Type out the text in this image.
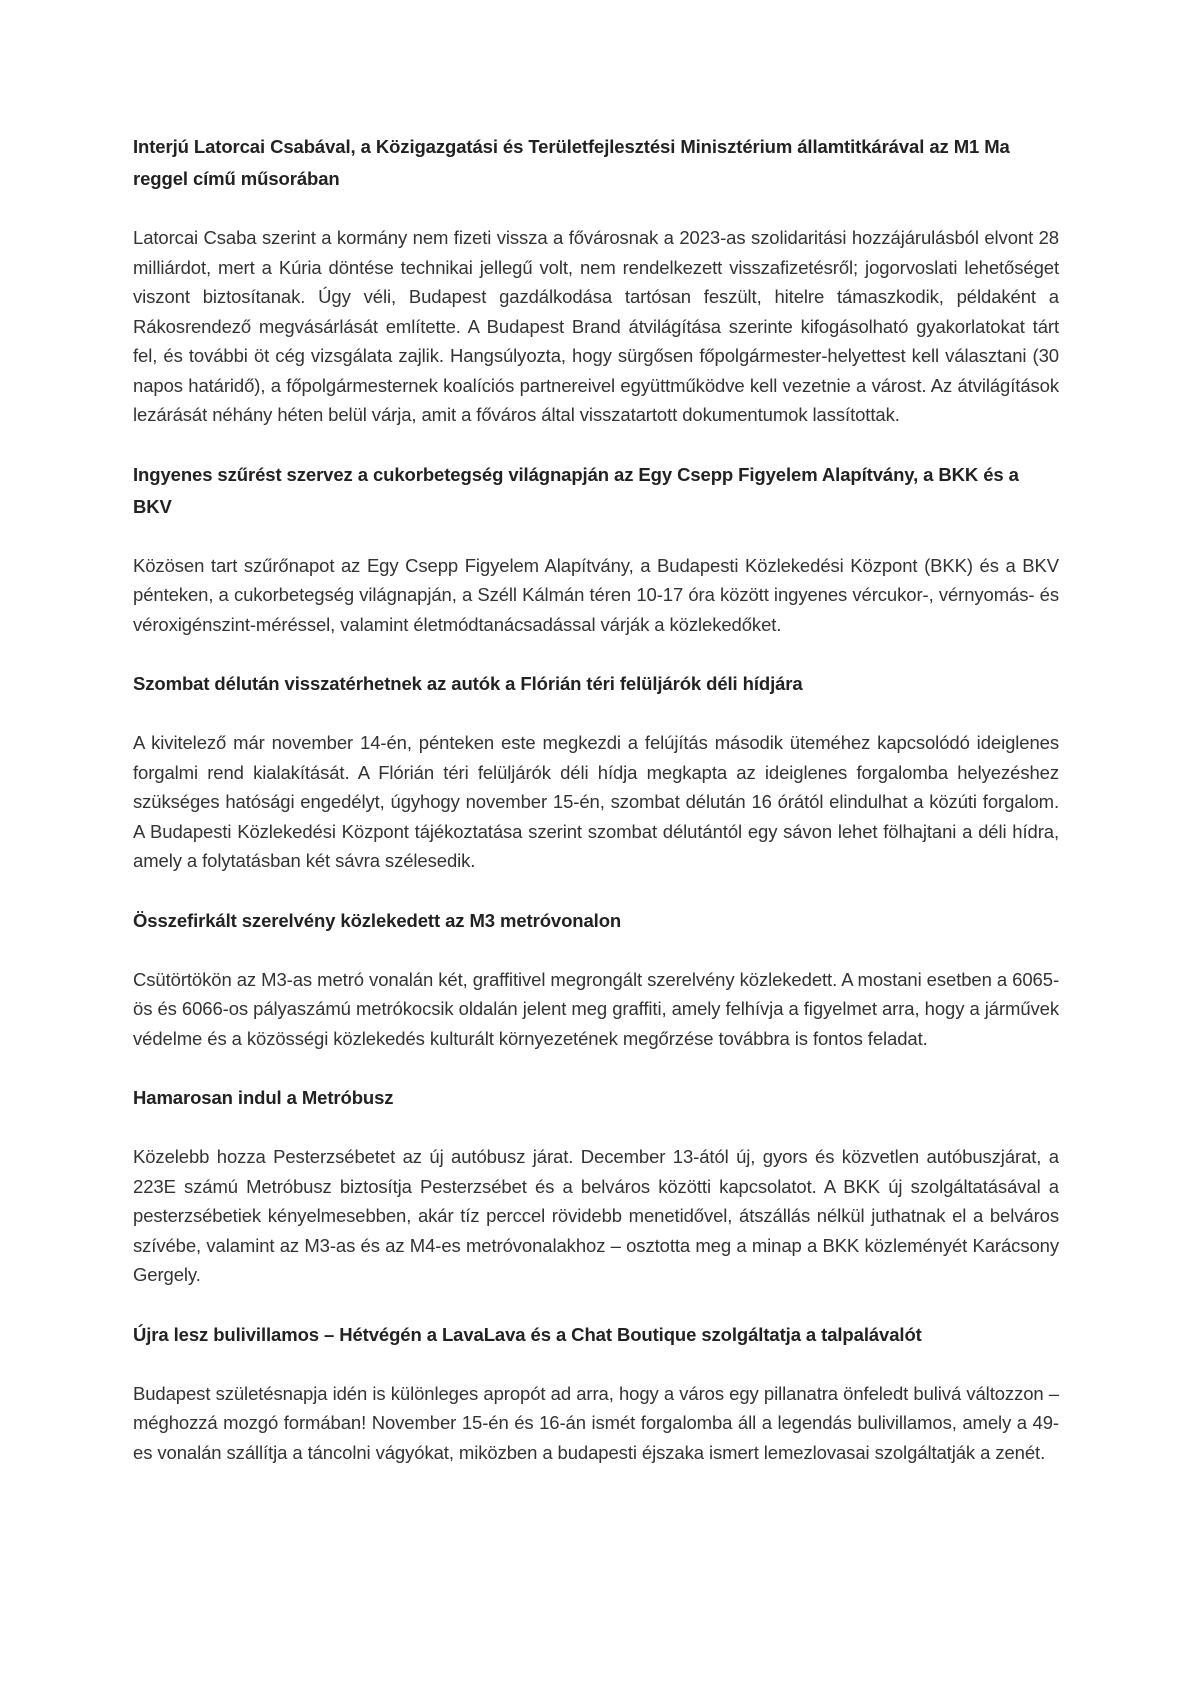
Interjú Latorcai Csabával, a Közigazgatási és Területfejlesztési Minisztérium államtitkárával az M1 Ma reggel című műsorában

Latorcai Csaba szerint a kormány nem fizeti vissza a fővárosnak a 2023-as szolidaritási hozzájárulásból elvont 28 milliárdot, mert a Kúria döntése technikai jellegű volt, nem rendelkezett visszafizetésről; jogorvoslati lehetőséget viszont biztosítanak. Úgy véli, Budapest gazdálkodása tartósan feszült, hitelre támaszkodik, példaként a Rákosrendező megvásárlását említette. A Budapest Brand átvilágítása szerinte kifogásolható gyakorlatokat tárt fel, és további öt cég vizsgálata zajlik. Hangsúlyozta, hogy sürgősen főpolgármester-helyettest kell választani (30 napos határidő), a főpolgármesternek koalíciós partnereivel együttműködve kell vezetnie a várost. Az átvilágítások lezárását néhány héten belül várja, amit a főváros által visszatartott dokumentumok lassítottak.

Ingyenes szűrést szervez a cukorbetegség világnapján az Egy Csepp Figyelem Alapítvány, a BKK és a BKV

Közösen tart szűrőnapot az Egy Csepp Figyelem Alapítvány, a Budapesti Közlekedési Központ (BKK) és a BKV pénteken, a cukorbetegség világnapján, a Széll Kálmán téren 10-17 óra között ingyenes vércukor-, vérnyomás- és véroxigénszint-méréssel, valamint életmódtanácsadással várják a közlekedőket.

Szombat délután visszatérhetnek az autók a Flórián téri felüljárók déli hídjára

A kivitelező már november 14-én, pénteken este megkezdi a felújítás második üteméhez kapcsolódó ideiglenes forgalmi rend kialakítását. A Flórián téri felüljárók déli hídja megkapta az ideiglenes forgalomba helyezéshez szükséges hatósági engedélyt, úgyhogy november 15-én, szombat délután 16 órától elindulhat a közúti forgalom. A Budapesti Közlekedési Központ tájékoztatása szerint szombat délutántól egy sávon lehet fölhajtani a déli hídra, amely a folytatásban két sávra szélesedik.

Összefirkált szerelvény közlekedett az M3 metróvonalon

Csütörtökön az M3-as metró vonalán két, graffitivel megrongált szerelvény közlekedett. A mostani esetben a 6065-ös és 6066-os pályaszámú metrókocsik oldalán jelent meg graffiti, amely felhívja a figyelmet arra, hogy a járművek védelme és a közösségi közlekedés kulturált környezetének megőrzése továbbra is fontos feladat.

Hamarosan indul a Metróbusz

Közelebb hozza Pesterzsébetet az új autóbusz járat. December 13-ától új, gyors és közvetlen autóbuszjárat, a 223E számú Metróbusz biztosítja Pesterzsébet és a belváros közötti kapcsolatot. A BKK új szolgáltatásával a pesterzsébetiek kényelmesebben, akár tíz perccel rövidebb menetidővel, átszállás nélkül juthatnak el a belváros szívébe, valamint az M3-as és az M4-es metróvonalakhoz – osztotta meg a minap a BKK közleményét Karácsony Gergely.

Újra lesz bulivillamos – Hétvégén a LavaLava és a Chat Boutique szolgáltatja a talpalávalót

Budapest születésnapja idén is különleges apropót ad arra, hogy a város egy pillanatra önfeledt bulivá változzon – méghozzá mozgó formában! November 15-én és 16-án ismét forgalomba áll a legendás bulivillamos, amely a 49-es vonalán szállítja a táncolni vágyókat, miközben a budapesti éjszaka ismert lemezlovasai szolgáltatják a zenét.
